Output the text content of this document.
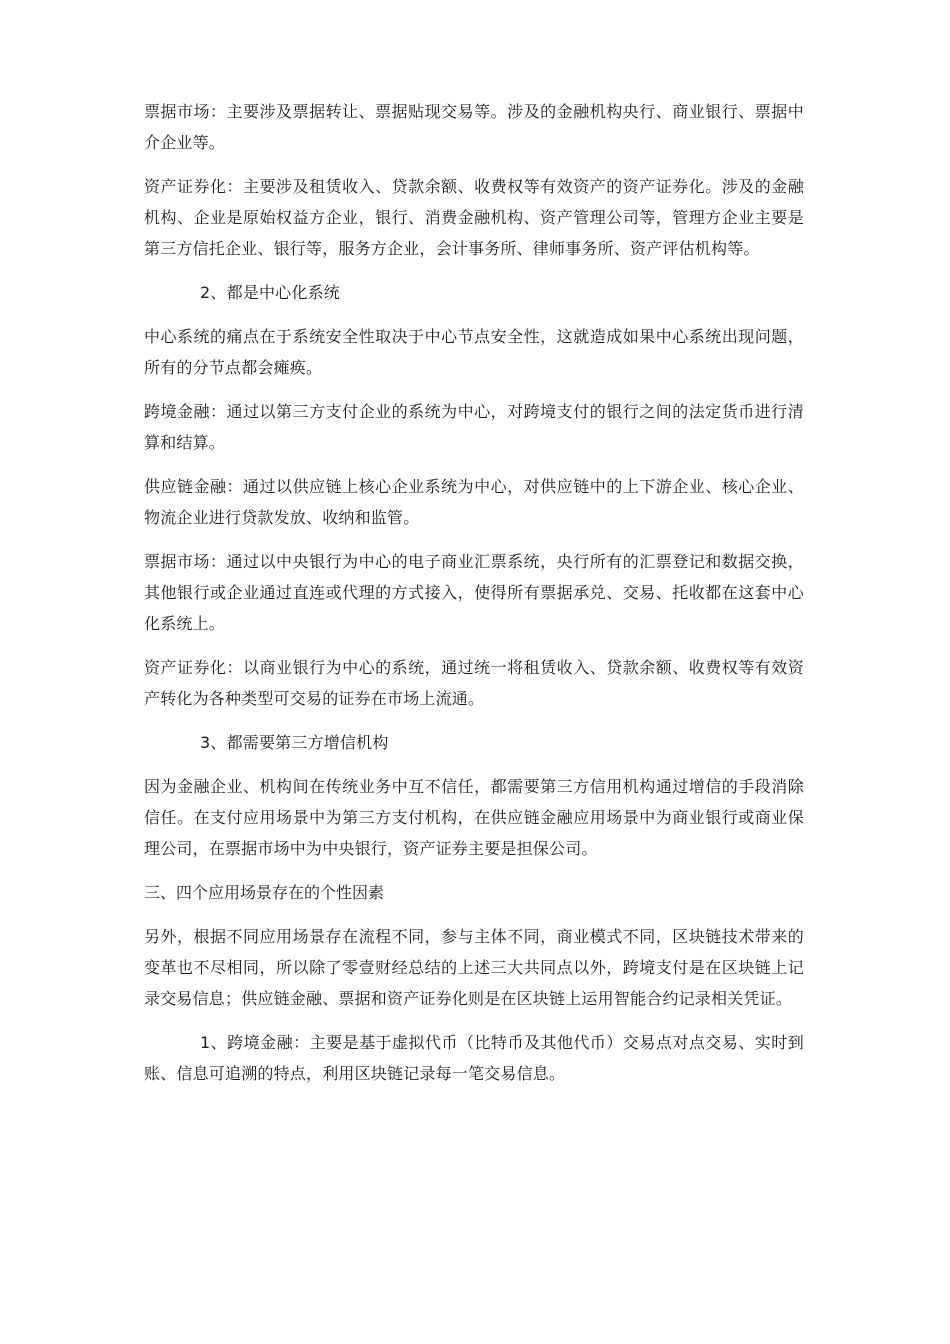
票据市场：主要涉及票据转让、票据贴现交易等。涉及的金融机构央行、商业银行、票据中介企业等。

资产证券化：主要涉及租赁收入、贷款余额、收费权等有效资产的资产证券化。涉及的金融机构、企业是原始权益方企业，银行、消费金融机构、资产管理公司等，管理方企业主要是第三方信托企业、银行等，服务方企业，会计事务所、律师事务所、资产评估机构等。

2、都是中心化系统

中心系统的痛点在于系统安全性取决于中心节点安全性，这就造成如果中心系统出现问题，所有的分节点都会瘫痪。

跨境金融：通过以第三方支付企业的系统为中心，对跨境支付的银行之间的法定货币进行清算和结算。

供应链金融：通过以供应链上核心企业系统为中心，对供应链中的上下游企业、核心企业、物流企业进行贷款发放、收纳和监管。

票据市场：通过以中央银行为中心的电子商业汇票系统，央行所有的汇票登记和数据交换，其他银行或企业通过直连或代理的方式接入，使得所有票据承兑、交易、托收都在这套中心化系统上。

资产证券化：以商业银行为中心的系统，通过统一将租赁收入、贷款余额、收费权等有效资产转化为各种类型可交易的证券在市场上流通。

3、都需要第三方增信机构

因为金融企业、机构间在传统业务中互不信任，都需要第三方信用机构通过增信的手段消除信任。在支付应用场景中为第三方支付机构，在供应链金融应用场景中为商业银行或商业保理公司，在票据市场中为中央银行，资产证券主要是担保公司。

三、四个应用场景存在的个性因素

另外，根据不同应用场景存在流程不同，参与主体不同，商业模式不同，区块链技术带来的变革也不尽相同，所以除了零壹财经总结的上述三大共同点以外，跨境支付是在区块链上记录交易信息；供应链金融、票据和资产证券化则是在区块链上运用智能合约记录相关凭证。

1、跨境金融：主要是基于虚拟代币（比特币及其他代币）交易点对点交易、实时到账、信息可追溯的特点，利用区块链记录每一笔交易信息。
